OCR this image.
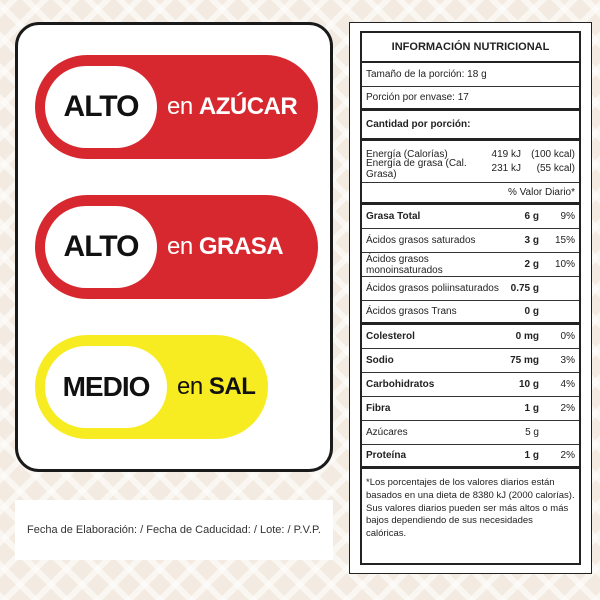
ALTO	en AZÚCAR
ALTO	en GRASA
MEDIO	en SAL
Fecha de Elaboración: / Fecha de Caducidad: / Lote: / P.V.P.
INFORMACIÓN NUTRICIONAL
Tamaño de la porción: 18 g
Porción por envase: 17
Cantidad por porción:
Energía (Calorías)	419 kJ	(100 kcal)
Energía de grasa (Cal. Grasa)	231 kJ	(55 kcal)
% Valor Diario*
Grasa Total	6 g	9%
Ácidos grasos saturados	3 g	15%
Ácidos grasos monoinsaturados	2 g	10%
Ácidos grasos poliinsaturados	0.75 g
Ácidos grasos Trans	0 g
Colesterol	0 mg	0%
Sodio	75 mg	3%
Carbohidratos	10 g	4%
Fibra	1 g	2%
Azúcares	5 g
Proteína	1 g	2%
*Los porcentajes de los valores diarios están basados en una dieta de 8380 kJ (2000 calorías). Sus valores diarios pueden ser más altos o más bajos dependiendo de sus necesidades calóricas.
